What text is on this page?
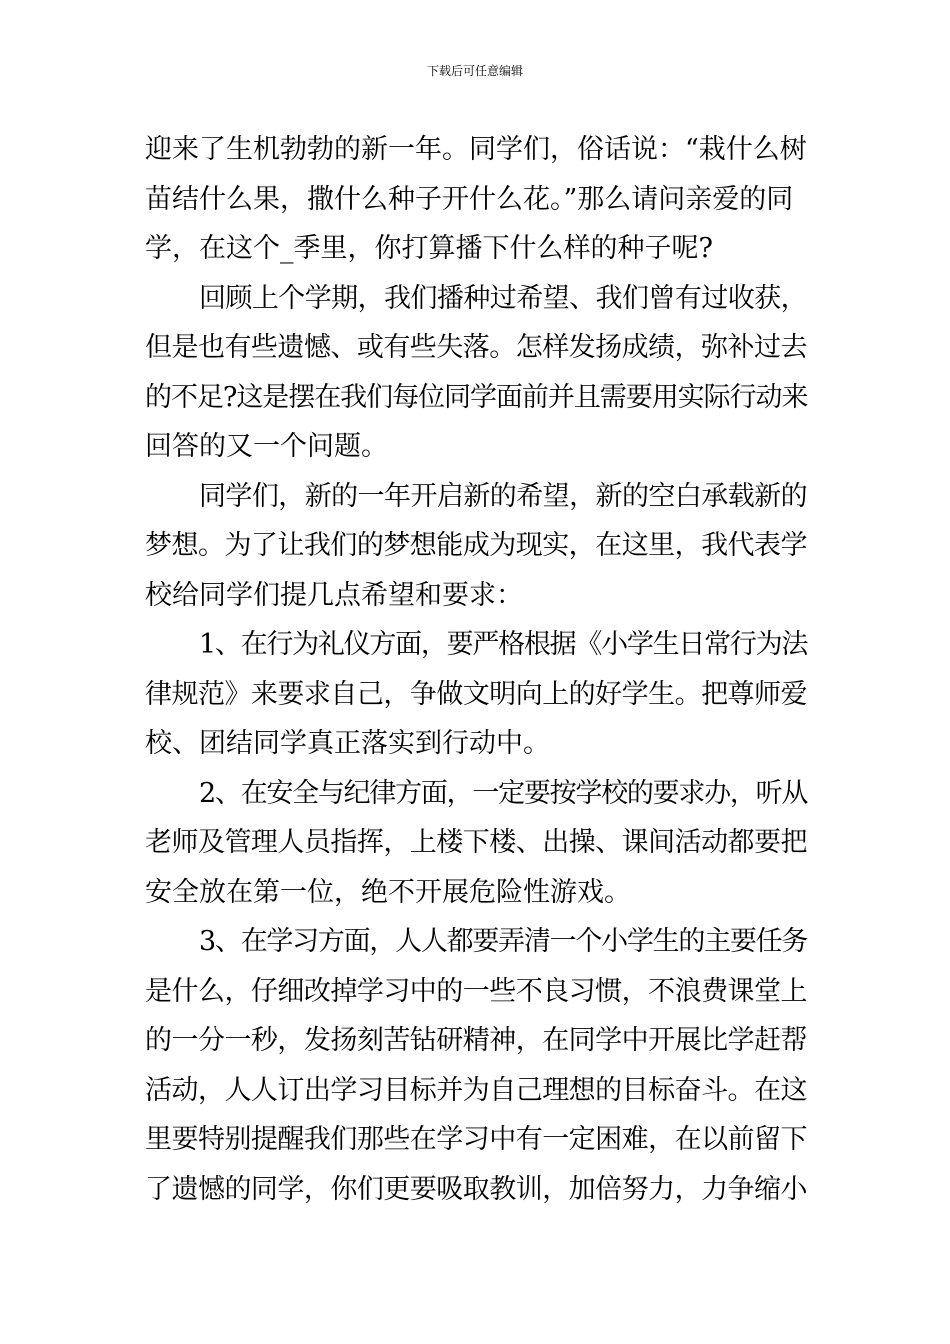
下载后可任意编辑
迎来了生机勃勃的新一年。同学们，俗话说：“栽什么树
苗结什么果，撒什么种子开什么花。”那么请问亲爱的同
学，在这个_季里，你打算播下什么样的种子呢?
回顾上个学期，我们播种过希望、我们曾有过收获，
但是也有些遗憾、或有些失落。怎样发扬成绩，弥补过去
的不足?这是摆在我们每位同学面前并且需要用实际行动来
回答的又一个问题。
同学们，新的一年开启新的希望，新的空白承载新的
梦想。为了让我们的梦想能成为现实，在这里，我代表学
校给同学们提几点希望和要求：
1、在行为礼仪方面，要严格根据《小学生日常行为法
律规范》来要求自己，争做文明向上的好学生。把尊师爱
校、团结同学真正落实到行动中。
2、在安全与纪律方面，一定要按学校的要求办，听从
老师及管理人员指挥，上楼下楼、出操、课间活动都要把
安全放在第一位，绝不开展危险性游戏。
3、在学习方面，人人都要弄清一个小学生的主要任务
是什么，仔细改掉学习中的一些不良习惯，不浪费课堂上
的一分一秒，发扬刻苦钻研精神，在同学中开展比学赶帮
活动，人人订出学习目标并为自己理想的目标奋斗。在这
里要特别提醒我们那些在学习中有一定困难，在以前留下
了遗憾的同学，你们更要吸取教训，加倍努力，力争缩小
